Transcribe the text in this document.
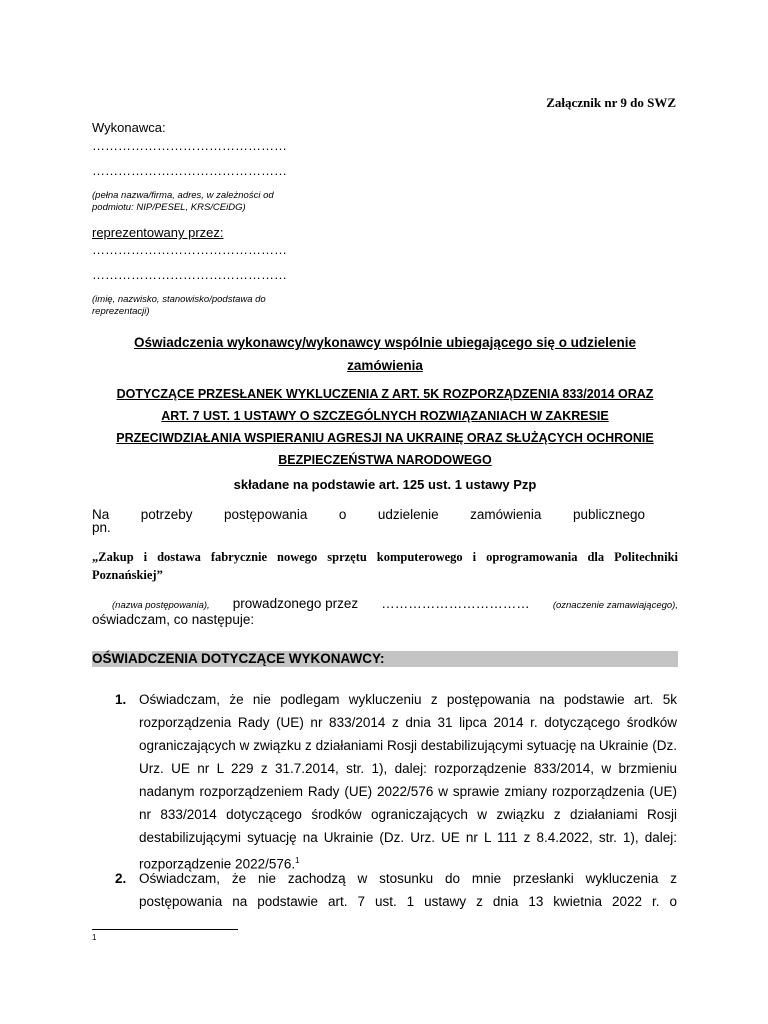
Załącznik nr 9 do SWZ
Wykonawca:
………………………………………
………………………………………
(pełna nazwa/firma, adres, w zależności od podmiotu: NIP/PESEL, KRS/CEiDG)
reprezentowany przez:
………………………………………
………………………………………
(imię, nazwisko, stanowisko/podstawa do reprezentacji)
Oświadczenia wykonawcy/wykonawcy wspólnie ubiegającego się o udzielenie
zamówienia
DOTYCZĄCE PRZESŁANEK WYKLUCZENIA Z ART. 5K ROZPORZĄDZENIA 833/2014 ORAZ
ART. 7 UST. 1 USTAWY O SZCZEGÓLNYCH ROZWIĄZANIACH W ZAKRESIE
PRZECIWDZIAŁANIA WSPIERANIU AGRESJI NA UKRAINĘ ORAZ SŁUŻĄCYCH OCHRONIE
BEZPIECZEŃSTWA NARODOWEGO
składane na podstawie art. 125 ust. 1 ustawy Pzp
Na potrzeby postępowania o udzielenie zamówienia publicznego
pn.
„Zakup i dostawa fabrycznie nowego sprzętu komputerowego i oprogramowania dla Politechniki
Poznańskiej”
(nazwa postępowania), prowadzonego przez …………………………… (oznaczenie zamawiającego),
oświadczam, co następuje:
OŚWIADCZENIA DOTYCZĄCE WYKONAWCY:
1. Oświadczam, że nie podlegam wykluczeniu z postępowania na podstawie art. 5k rozporządzenia Rady (UE) nr 833/2014 z dnia 31 lipca 2014 r. dotyczącego środków ograniczających w związku z działaniami Rosji destabilizującymi sytuację na Ukrainie (Dz. Urz. UE nr L 229 z 31.7.2014, str. 1), dalej: rozporządzenie 833/2014, w brzmieniu nadanym rozporządzeniem Rady (UE) 2022/576 w sprawie zmiany rozporządzenia (UE) nr 833/2014 dotyczącego środków ograniczających w związku z działaniami Rosji destabilizującymi sytuację na Ukrainie (Dz. Urz. UE nr L 111 z 8.4.2022, str. 1), dalej: rozporządzenie 2022/576.$^1$
2. Oświadczam, że nie zachodzą w stosunku do mnie przesłanki wykluczenia z postępowania na podstawie art. 7 ust. 1 ustawy z dnia 13 kwietnia 2022 r. o
1
